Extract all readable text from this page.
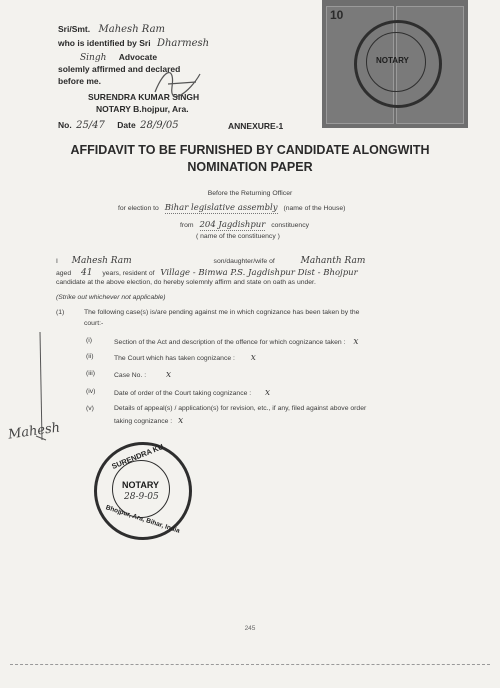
Sri/Smt. Mahesh Ram
who is identified by Sri Dharmesh
Singh Advocate
solemly affirmed and declared
before me.
SURENDRA KUMAR SINGH
NOTARY B.hojpur, Ara.
No. 25/47 Date 28/9/05	ANNEXURE-1
10
NOTARY
AFFIDAVIT TO BE FURNISHED BY CANDIDATE ALONGWITH
NOMINATION PAPER
Before the Returning Officer
for election to Bihar legislative assembly (name of the House)
from 204 Jagdishpur constituency
( name of the constituency )
I Mahesh Ram	son/daughter/wife of	Mahanth Ram
aged 41 years, resident of Village - Bimwa P.S. Jagdishpur Dist - Bhojpur
candidate at the above election, do hereby solemnly affirm and state on oath as under.
(Strike out whichever not applicable)
(1)	The following case(s) is/are pending against me in which cognizance has been taken by the
court:-
(i)	Section of the Act and description of the offence for which cognizance taken : x
(ii)	The Court which has taken cognizance : x
(iii)	Case No. : x
(iv)	Date of order of the Court taking cognizance : x
(v)	Details of appeal(s) / application(s) for revision, etc., if any, filed against above order
taking cognizance : x
Mahesh
SURENDRA KU
NOTARY
28-9-05
Bhojpur, Ara, Bihar, India
245
